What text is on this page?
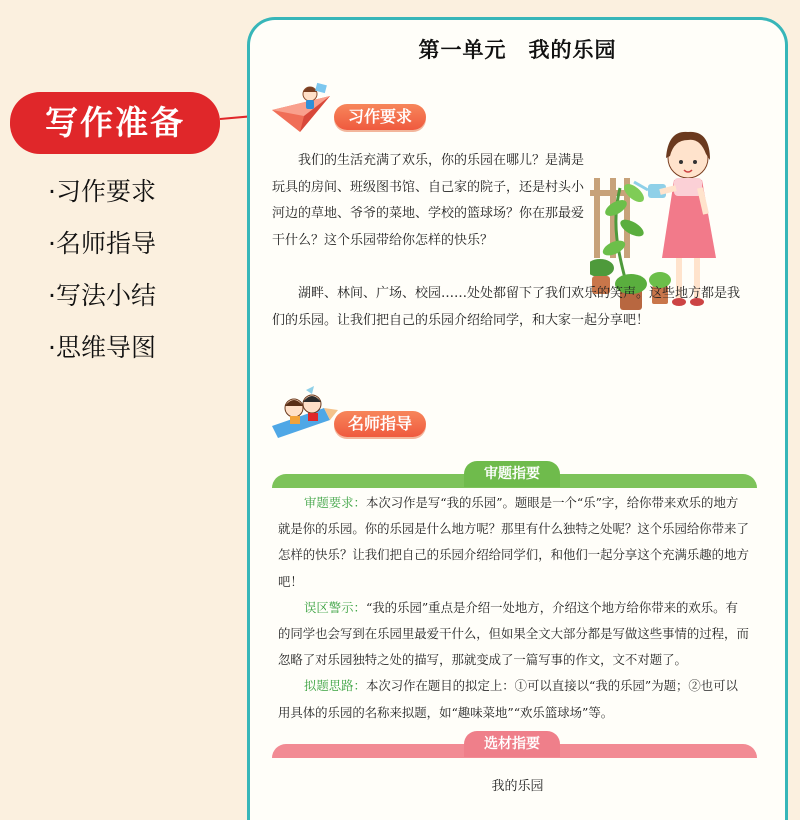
写作准备
·习作要求
·名师指导
·写法小结
·思维导图
第一单元　我的乐园
习作要求

我们的生活充满了欢乐，你的乐园在哪儿？是满是玩具的房间、班级图书馆、自己家的院子，还是村头小河边的草地、爷爷的菜地、学校的篮球场？你在那最爱干什么？这个乐园带给你怎样的快乐？

湖畔、林间、广场、校园……处处都留下了我们欢乐的笑声。这些地方都是我们的乐园。让我们把自己的乐园介绍给同学，和大家一起分享吧！

名师指导
审题指要

审题要求：本次习作是写“我的乐园”。题眼是一个“乐”字，给你带来欢乐的地方就是你的乐园。你的乐园是什么地方呢？那里有什么独特之处呢？这个乐园给你带来了怎样的快乐？让我们把自己的乐园介绍给同学们，和他们一起分享这个充满乐趣的地方吧！

误区警示：“我的乐园”重点是介绍一处地方，介绍这个地方给你带来的欢乐。有的同学也会写到在乐园里最爱干什么，但如果全文大部分都是写做这些事情的过程，而忽略了对乐园独特之处的描写，那就变成了一篇写事的作文，文不对题了。

拟题思路：本次习作在题目的拟定上：①可以直接以“我的乐园”为题；②也可以用具体的乐园的名称来拟题，如“趣味菜地”“欢乐篮球场”等。

选材指要
我的乐园
